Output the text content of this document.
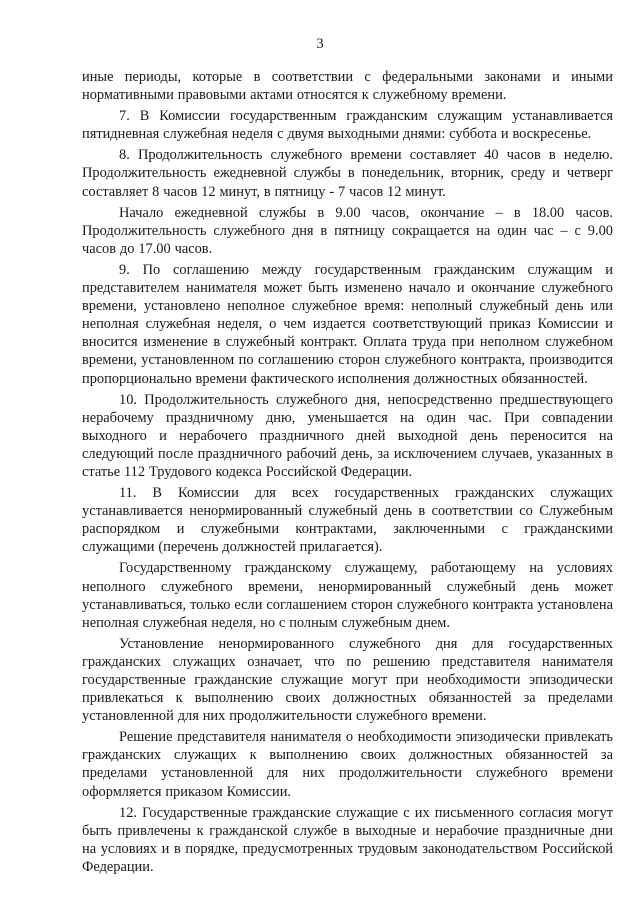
3

иные периоды, которые в соответствии с федеральными законами и иными нормативными правовыми актами относятся к служебному времени.

7. В Комиссии государственным гражданским служащим устанавливается пятидневная служебная неделя с двумя выходными днями: суббота и воскресенье.

8. Продолжительность служебного времени составляет 40 часов в неделю. Продолжительность ежедневной службы в понедельник, вторник, среду и четверг составляет 8 часов 12 минут, в пятницу - 7 часов 12 минут.

Начало ежедневной службы в 9.00 часов, окончание – в 18.00 часов. Продолжительность служебного дня в пятницу сокращается на один час – с 9.00 часов до 17.00 часов.

9. По соглашению между государственным гражданским служащим и представителем нанимателя может быть изменено начало и окончание служебного времени, установлено неполное служебное время: неполный служебный день или неполная служебная неделя, о чем издается соответствующий приказ Комиссии и вносится изменение в служебный контракт. Оплата труда при неполном служебном времени, установленном по соглашению сторон служебного контракта, производится пропорционально времени фактического исполнения должностных обязанностей.

10. Продолжительность служебного дня, непосредственно предшествующего нерабочему праздничному дню, уменьшается на один час. При совпадении выходного и нерабочего праздничного дней выходной день переносится на следующий после праздничного рабочий день, за исключением случаев, указанных в статье 112 Трудового кодекса Российской Федерации.

11. В Комиссии для всех государственных гражданских служащих устанавливается ненормированный служебный день в соответствии со Служебным распорядком и служебными контрактами, заключенными с гражданскими служащими (перечень должностей прилагается).

Государственному гражданскому служащему, работающему на условиях неполного служебного времени, ненормированный служебный день может устанавливаться, только если соглашением сторон служебного контракта установлена неполная служебная неделя, но с полным служебным днем.

Установление ненормированного служебного дня для государственных гражданских служащих означает, что по решению представителя нанимателя государственные гражданские служащие могут при необходимости эпизодически привлекаться к выполнению своих должностных обязанностей за пределами установленной для них продолжительности служебного времени.

Решение представителя нанимателя о необходимости эпизодически привлекать гражданских служащих к выполнению своих должностных обязанностей за пределами установленной для них продолжительности служебного времени оформляется приказом Комиссии.

12. Государственные гражданские служащие с их письменного согласия могут быть привлечены к гражданской службе в выходные и нерабочие праздничные дни на условиях и в порядке, предусмотренных трудовым законодательством Российской Федерации.
